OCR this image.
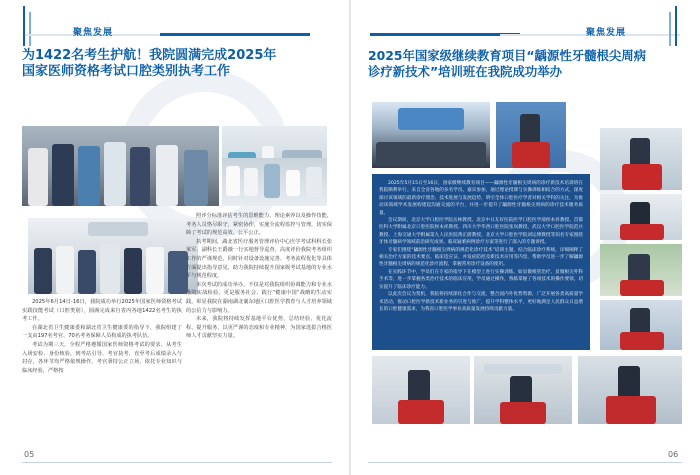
聚焦发展
为1422名考生护航！我院圆满完成2025年
国家医师资格考试口腔类别执考工作

2025年6月14日-16日，我院成功举行2025年国家医师资格考试实践技能考试（口腔类别），圆满完成来自省内各地1422名考生的执考工作。

在湖北省卫生健康委和湖北省卫生健康委的指导下，我院组建了一支由197名考官、70名考务保障人员构成的执考队伍。

考试为期三天，全程严格遵循国家医师资格考试的要求，从考生入场安检、身份核验，到考站引导、考官执考，直至考后成绩录入与封存，各环节均严格依规操作。考官秉持公正立场，依托专业知识与临床经验，严格按

照评分标准评估考生的思维能力、理论素养以及操作技能，考务人员恪尽职守，紧密协作，实施全流程监控与管理，切实保障了考试的规范高效、公平公正。

执考期间，湖北省医疗服务管理评价中心医学考试科科长张莱军、副科长王爵薇一行实地督导巡查，高度评价我院考务组织工作的严谨规范，同时针对设备设施完善、考务流程优化等具体方面提出指导意见，助力我院持续提升国家级考试基地的专业水平与规范程度。

本次考试的成功举办，不仅是对我院组织协调能力和专业水准的实战检验，更是服务社会、践行“健康中国”战略的生动实践。彰显我院在湖南湖北襄东地区口腔医学教育与人才培养领域的公信力与影响力。

未来，我院将持续发挥基地平台优势，总结经验、优化流程、提升服务，以更严谨的态度和专业精神，为国家选拔合格医师人才贡献坚实力量。

05
聚焦发展
2025年国家级继续教育项目“龋源性牙髓根尖周病
诊疗新技术”培训班在我院成功举办

2025年5月15日至16日，国家级继续教育项目——龋源性牙髓根尖周病的诊疗新技术培训班在我院顺利举行。来自全省各地的多名学员、嘉宾参加，通过理论授课与实操训练相结合的方式，深度探讨该领域的最新诊疗理念、技术进展与发展趋势，明引全体口腔医疗学者对相关学科的关注，为推动该领域学术发展构建起沟通交流的平台，并进一步提升了龋源性牙髓根尖周病的诊疗技术服务质量。

会议期间，北京大学口腔医学院岳林教授、北京中日友好医院医学口腔医学部侯本祥教授、首都医科大学附属北京口腔医院侯本祥教授、四川大学华西口腔医院张岚教授、武汉大学口腔医学院范兵教授、上海交通大学附属第九人民医院黄正蔚教授、北京大学口腔医学院刘运博教授等知名专家围绕牙体牙髓病学领域前沿研究成果、临床疑难病例诊疗方案等进行了深入的专题讲授。

专家们围绕“龋源性牙髓根尖周病的规范化诊疗技术”培训主题，结合临床诊疗系统，详细阐释了相关治疗方案的技术要点、临床适应证、并发症防控及新技术应用等内容，帮助学员进一步了解龋源性牙髓根尖周病的规范化诊疗流程，掌握常用诊疗设备的使用。

在实践环节中，学员们在专家的指导下在模型上进行实操训练，如显微根管治疗、显微根尖外科手术等，进一步掌握各类治疗技术的临床应用，学员通过操作，熟练掌握了各项技术的操作要领，切实提升了临床诊疗能力。

以此次会议为契机，我院将持续深化合作与交流，整合国内外优势资源，广泛开展各类高质量学术活动，推动口腔医学新技术新业务的引进与推广，提升学科整体水平，更好地满足人民群众日益增长的口腔健康需求，为我省口腔医学事业高质量发展持续贡献力量。

06
